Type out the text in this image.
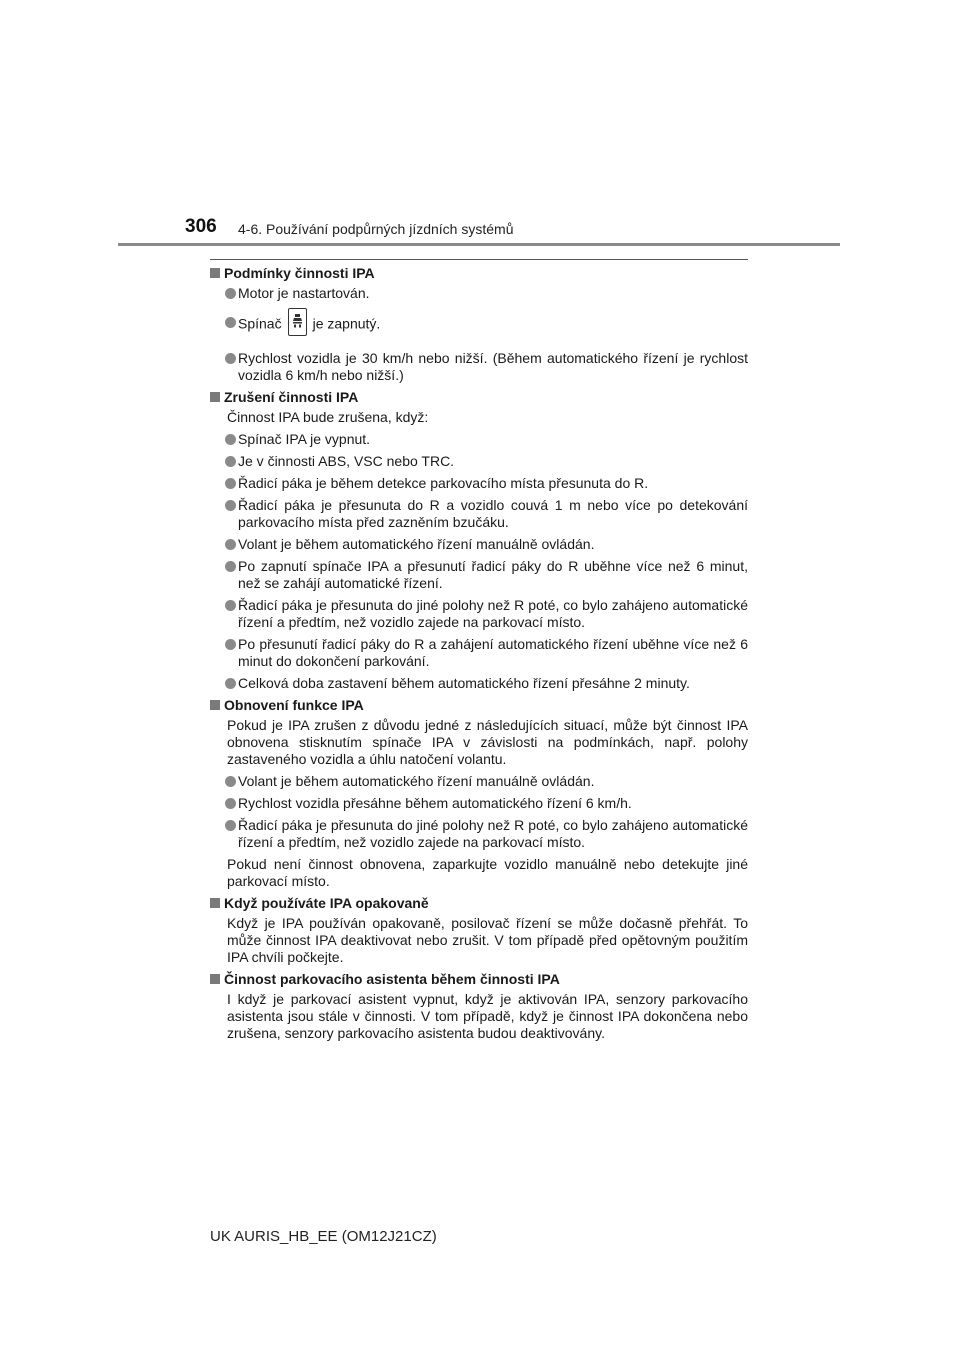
306 4-6. Používání podpůrných jízdních systémů
Podmínky činnosti IPA
Motor je nastartován.
Spínač je zapnutý.
Rychlost vozidla je 30 km/h nebo nižší. (Během automatického řízení je rychlost vozidla 6 km/h nebo nižší.)
Zrušení činnosti IPA
Činnost IPA bude zrušena, když:
Spínač IPA je vypnut.
Je v činnosti ABS, VSC nebo TRC.
Řadicí páka je během detekce parkovacího místa přesunuta do R.
Řadicí páka je přesunuta do R a vozidlo couvá 1 m nebo více po detekování parkovacího místa před zazněním bzučáku.
Volant je během automatického řízení manuálně ovládán.
Po zapnutí spínače IPA a přesunutí řadicí páky do R uběhne více než 6 minut, než se zahájí automatické řízení.
Řadicí páka je přesunuta do jiné polohy než R poté, co bylo zahájeno automatické řízení a předtím, než vozidlo zajede na parkovací místo.
Po přesunutí řadicí páky do R a zahájení automatického řízení uběhne více než 6 minut do dokončení parkování.
Celková doba zastavení během automatického řízení přesáhne 2 minuty.
Obnovení funkce IPA
Pokud je IPA zrušen z důvodu jedné z následujících situací, může být činnost IPA obnovena stisknutím spínače IPA v závislosti na podmínkách, např. polohy zastaveného vozidla a úhlu natočení volantu.
Volant je během automatického řízení manuálně ovládán.
Rychlost vozidla přesáhne během automatického řízení 6 km/h.
Řadicí páka je přesunuta do jiné polohy než R poté, co bylo zahájeno automatické řízení a předtím, než vozidlo zajede na parkovací místo.
Pokud není činnost obnovena, zaparkujte vozidlo manuálně nebo detekujte jiné parkovací místo.
Když používáte IPA opakovaně
Když je IPA používán opakovaně, posilovač řízení se může dočasně přehřát. To může činnost IPA deaktivovat nebo zrušit. V tom případě před opětovným použitím IPA chvíli počkejte.
Činnost parkovacího asistenta během činnosti IPA
I když je parkovací asistent vypnut, když je aktivován IPA, senzory parkovacího asistenta jsou stále v činnosti. V tom případě, když je činnost IPA dokončena nebo zrušena, senzory parkovacího asistenta budou deaktivovány.
UK AURIS_HB_EE (OM12J21CZ)
